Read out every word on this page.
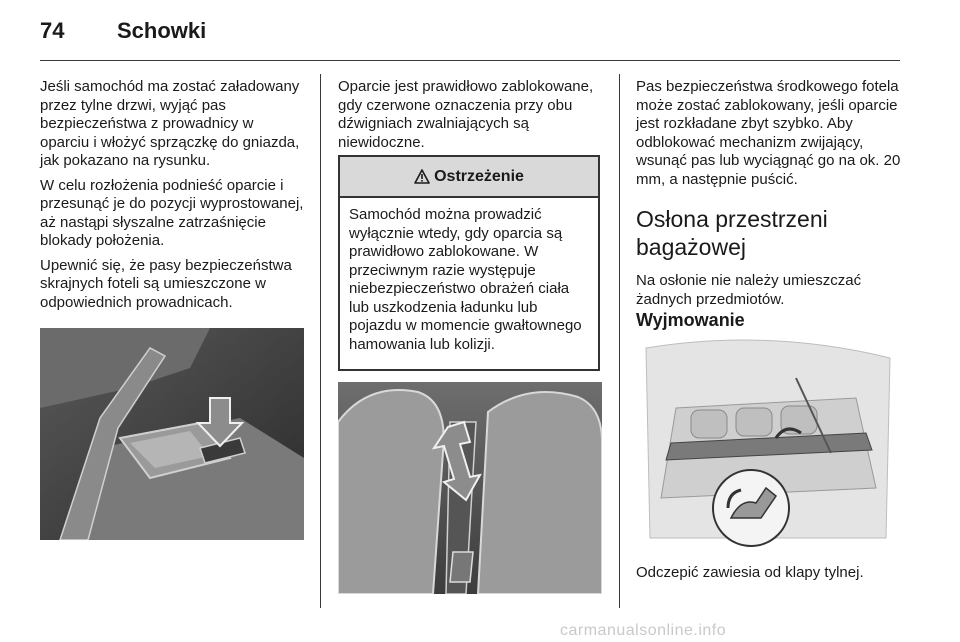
74 Schowki

Jeśli samochód ma zostać załadowany przez tylne drzwi, wyjąć pas bezpieczeństwa z prowadnicy w oparciu i włożyć sprzączkę do gniazda, jak pokazano na rysunku.

W celu rozłożenia podnieść oparcie i przesunąć je do pozycji wyprostowanej, aż nastąpi słyszalne zatrzaśnięcie blokady położenia.

Upewnić się, że pasy bezpieczeństwa skrajnych foteli są umieszczone w odpowiednich prowadnicach.

Oparcie jest prawidłowo zablokowane, gdy czerwone oznaczenia przy obu dźwigniach zwalniających są niewidoczne.

Ostrzeżenie
Samochód można prowadzić wyłącznie wtedy, gdy oparcia są prawidłowo zablokowane. W przeciwnym razie występuje niebezpieczeństwo obrażeń ciała lub uszkodzenia ładunku lub pojazdu w momencie gwałtownego hamowania lub kolizji.

Pas bezpieczeństwa środkowego fotela może zostać zablokowany, jeśli oparcie jest rozkładane zbyt szybko. Aby odblokować mechanizm zwijający, wsunąć pas lub wyciągnąć go na ok. 20 mm, a następnie puścić.

Osłona przestrzeni
bagażowej
Na osłonie nie należy umieszczać żadnych przedmiotów.
Wyjmowanie
Odczepić zawiesia od klapy tylnej.
carmanualsonline.info
